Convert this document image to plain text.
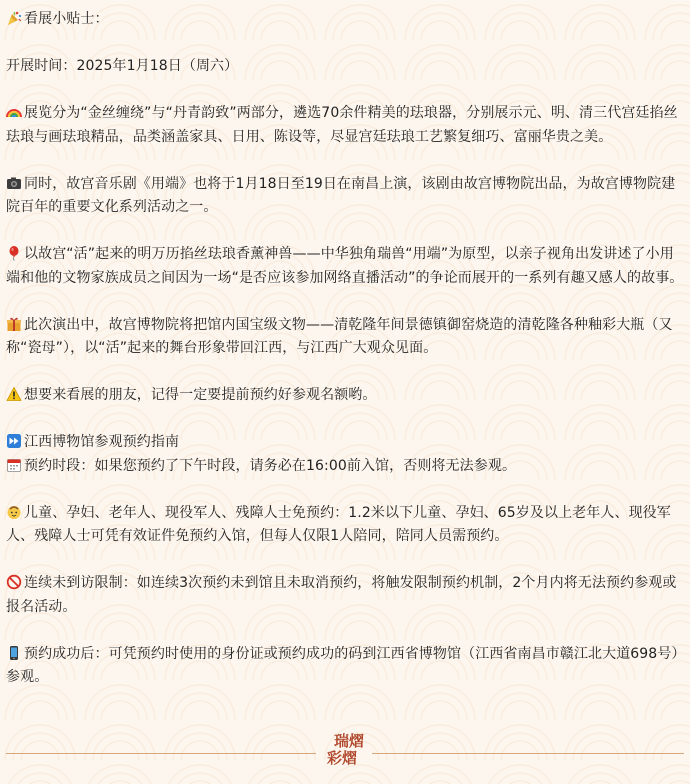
看展小贴士：

开展时间：2025年1月18日（周六）

展览分为“金丝缠绕”与“丹青韵致”两部分，遴选70余件精美的珐琅器，分别展示元、明、清三代宫廷掐丝珐琅与画珐琅精品，品类涵盖家具、日用、陈设等，尽显宫廷珐琅工艺繁复细巧、富丽华贵之美。

同时，故宫音乐剧《用端》也将于1月18日至19日在南昌上演，该剧由故宫博物院出品，为故宫博物院建院百年的重要文化系列活动之一。

以故宫“活”起来的明万历掐丝珐琅香薰神兽——中华独角瑞兽“用端”为原型，以亲子视角出发讲述了小用端和他的文物家族成员之间因为一场“是否应该参加网络直播活动”的争论而展开的一系列有趣又感人的故事。

此次演出中，故宫博物院将把馆内国宝级文物——清乾隆年间景德镇御窑烧造的清乾隆各种釉彩大瓶（又称“瓷母”），以“活”起来的舞台形象带回江西，与江西广大观众见面。

想要来看展的朋友，记得一定要提前预约好参观名额哟。

江西博物馆参观预约指南

预约时段：如果您预约了下午时段，请务必在16:00前入馆，否则将无法参观。

儿童、孕妇、老年人、现役军人、残障人士免预约：1.2米以下儿童、孕妇、65岁及以上老年人、现役军人、残障人士可凭有效证件免预约入馆，但每人仅限1人陪同，陪同人员需预约。

连续未到访限制：如连续3次预约未到馆且未取消预约，将触发限制预约机制，2个月内将无法预约参观或报名活动。

预约成功后：可凭预约时使用的身份证或预约成功的码到江西省博物馆（江西省南昌市赣江北大道698号）参观。

瑞熠
彩熠
